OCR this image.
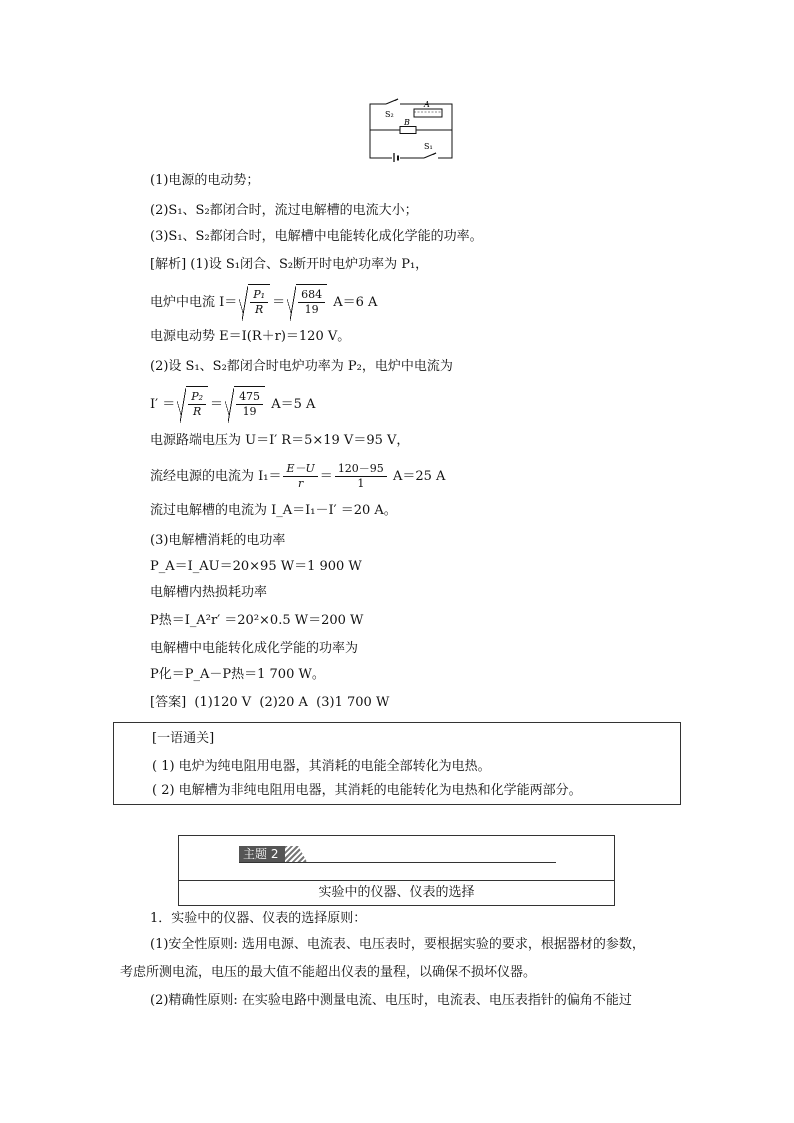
S₂
A
B
S₁
(1)电源的电动势；
(2)S₁、S₂都闭合时，流过电解槽的电流大小；
(3)S₁、S₂都闭合时，电解槽中电能转化成化学能的功率。
[解析] (1)设 S₁闭合、S₂断开时电炉功率为 P₁，
电炉中电流 $I= \frac{\text{P₁}}{R} = \frac{684}{19} A=6$ A
电源电动势 E＝I(R＋r)＝120 V。
(2)设 S₁、S₂都闭合时电炉功率为 P₂，电炉中电流为
$I' = \frac{\text{P₂}}{R} = \frac{475}{19} A=5$ A
电源路端电压为 U＝I′ R＝5×19 V＝95 V，
流经电源的电流为 $I_1= \frac{E-U}{r} = \frac{120-95}{1} A=25$ A
流过电解槽的电流为 I_A＝I₁－I′ ＝20 A。
(3)电解槽消耗的电功率
P_A＝I_AU＝20×95 W＝1 900 W
电解槽内热损耗功率
P热＝I_A²r′ ＝20²×0.5 W＝200 W
电解槽中电能转化成化学能的功率为
P化＝P_A－P热＝1 700 W。
[答案]  (1)120 V  (2)20 A  (3)1 700 W
[一语通关]
( 1) 电炉为纯电阻用电器，其消耗的电能全部转化为电热。
( 2) 电解槽为非纯电阻用电器，其消耗的电能转化为电热和化学能两部分。
主题 2
实验中的仪器、仪表的选择
1．实验中的仪器、仪表的选择原则：
(1)安全性原则: 选用电源、电流表、电压表时，要根据实验的要求，根据器材的参数，
考虑所测电流，电压的最大值不能超出仪表的量程，以确保不损坏仪器。
(2)精确性原则: 在实验电路中测量电流、电压时，电流表、电压表指针的偏角不能过
